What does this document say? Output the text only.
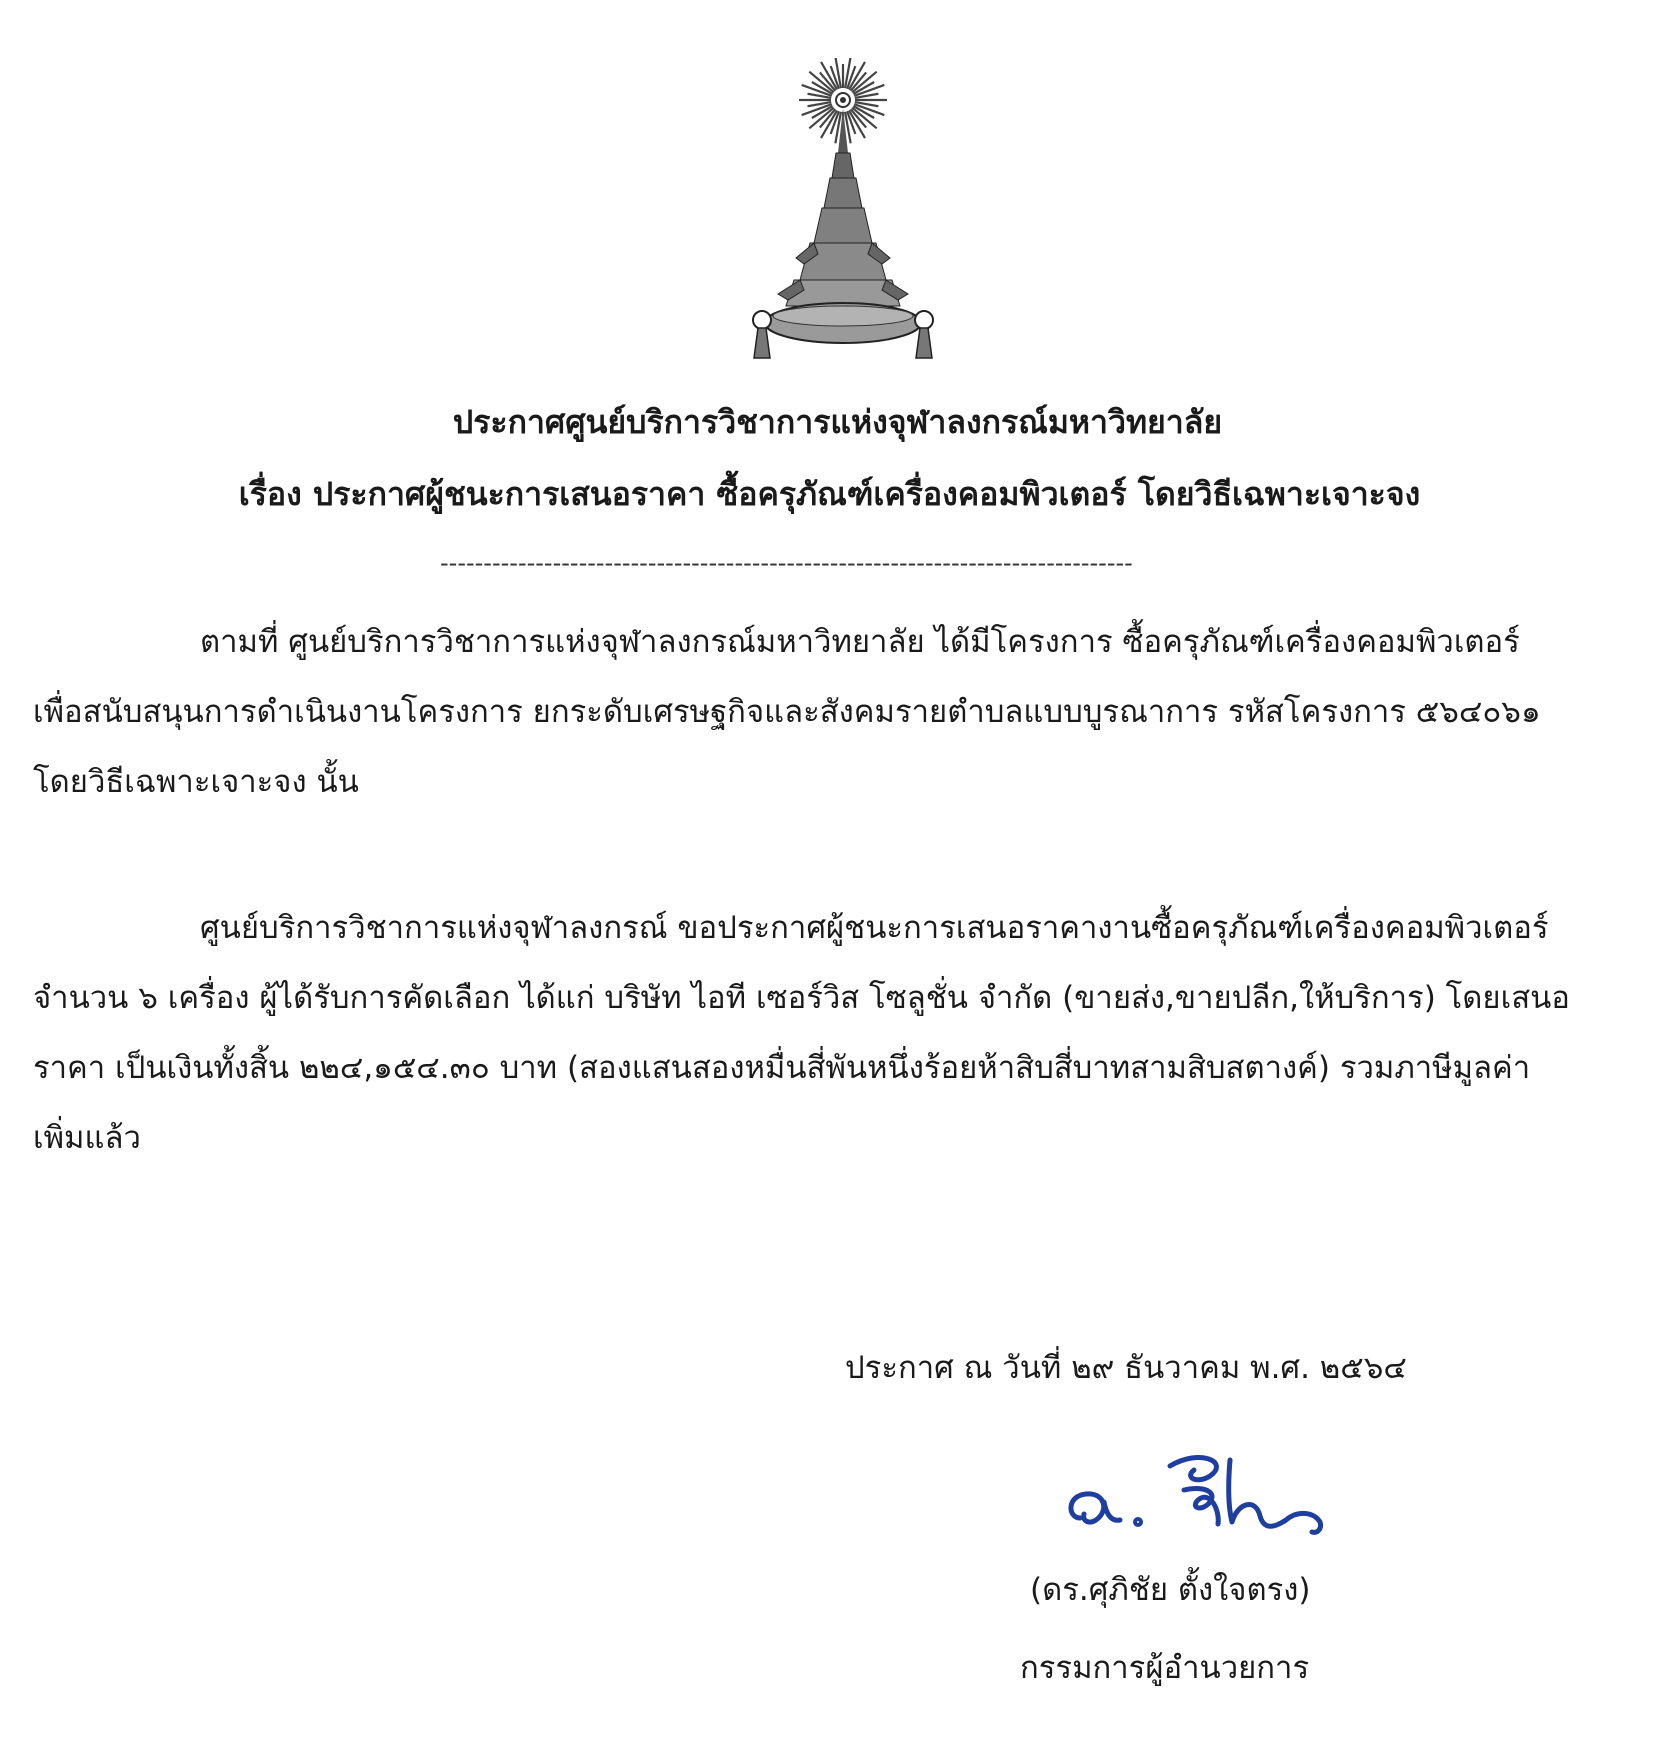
ประกาศศูนย์บริการวิชาการแห่งจุฬาลงกรณ์มหาวิทยาลัย
เรื่อง ประกาศผู้ชนะการเสนอราคา ซื้อครุภัณฑ์เครื่องคอมพิวเตอร์ โดยวิธีเฉพาะเจาะจง
--------------------------------------------------------------------------------
ตามที่ ศูนย์บริการวิชาการแห่งจุฬาลงกรณ์มหาวิทยาลัย ได้มีโครงการ ซื้อครุภัณฑ์เครื่องคอมพิวเตอร์
เพื่อสนับสนุนการดำเนินงานโครงการ ยกระดับเศรษฐกิจและสังคมรายตำบลแบบบูรณาการ รหัสโครงการ ๕๖๔๐๖๑
โดยวิธีเฉพาะเจาะจง นั้น
ศูนย์บริการวิชาการแห่งจุฬาลงกรณ์ ขอประกาศผู้ชนะการเสนอราคางานซื้อครุภัณฑ์เครื่องคอมพิวเตอร์
จำนวน ๖ เครื่อง ผู้ได้รับการคัดเลือก ได้แก่ บริษัท ไอที เซอร์วิส โซลูชั่น จำกัด (ขายส่ง,ขายปลีก,ให้บริการ) โดยเสนอ
ราคา เป็นเงินทั้งสิ้น ๒๒๔,๑๕๔.๓๐ บาท (สองแสนสองหมื่นสี่พันหนึ่งร้อยห้าสิบสี่บาทสามสิบสตางค์) รวมภาษีมูลค่า
เพิ่มแล้ว
ประกาศ ณ วันที่ ๒๙ ธันวาคม พ.ศ. ๒๕๖๔
(ดร.ศุภิชัย ตั้งใจตรง)
กรรมการผู้อำนวยการ
